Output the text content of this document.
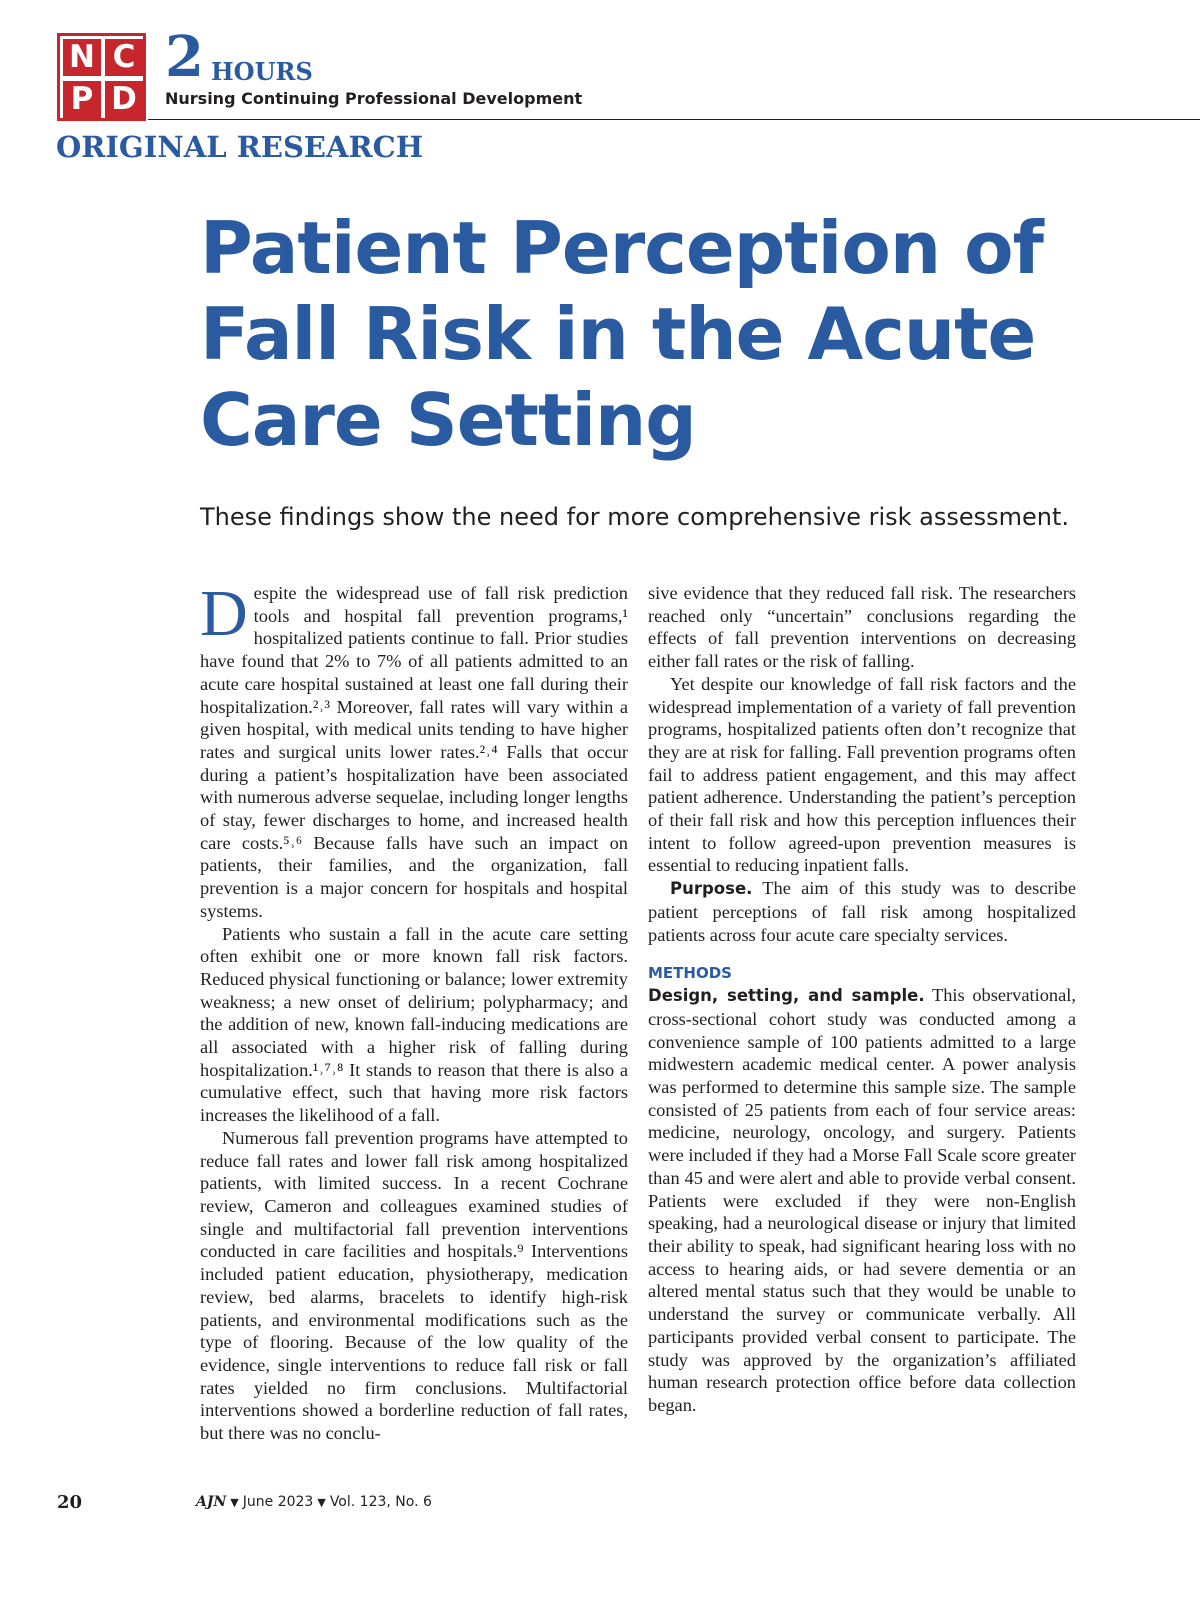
N C
P D
2 HOURS
Nursing Continuing Professional Development
ORIGINAL RESEARCH
Patient Perception of Fall Risk in the Acute Care Setting

These findings show the need for more comprehensive risk assessment.

Despite the widespread use of fall risk prediction tools and hospital fall prevention programs,¹ hospitalized patients continue to fall. Prior studies have found that 2% to 7% of all patients admitted to an acute care hospital sustained at least one fall during their hospitalization.²˒³ Moreover, fall rates will vary within a given hospital, with medical units tending to have higher rates and surgical units lower rates.²˒⁴ Falls that occur during a patient’s hospitalization have been associated with numerous adverse sequelae, including longer lengths of stay, fewer discharges to home, and increased health care costs.⁵˒⁶ Because falls have such an impact on patients, their families, and the organization, fall prevention is a major concern for hospitals and hospital systems.

Patients who sustain a fall in the acute care setting often exhibit one or more known fall risk factors. Reduced physical functioning or balance; lower extremity weakness; a new onset of delirium; polypharmacy; and the addition of new, known fall-inducing medications are all associated with a higher risk of falling during hospitalization.¹˒⁷˒⁸ It stands to reason that there is also a cumulative effect, such that having more risk factors increases the likelihood of a fall.

Numerous fall prevention programs have attempted to reduce fall rates and lower fall risk among hospitalized patients, with limited success. In a recent Cochrane review, Cameron and colleagues examined studies of single and multifactorial fall prevention interventions conducted in care facilities and hospitals.⁹ Interventions included patient education, physiotherapy, medication review, bed alarms, bracelets to identify high-risk patients, and environmental modifications such as the type of flooring. Because of the low quality of the evidence, single interventions to reduce fall risk or fall rates yielded no firm conclusions. Multifactorial interventions showed a borderline reduction of fall rates, but there was no conclu-

sive evidence that they reduced fall risk. The researchers reached only “uncertain” conclusions regarding the effects of fall prevention interventions on decreasing either fall rates or the risk of falling.

Yet despite our knowledge of fall risk factors and the widespread implementation of a variety of fall prevention programs, hospitalized patients often don’t recognize that they are at risk for falling. Fall prevention programs often fail to address patient engagement, and this may affect patient adherence. Understanding the patient’s perception of their fall risk and how this perception influences their intent to follow agreed-upon prevention measures is essential to reducing inpatient falls.

Purpose. The aim of this study was to describe patient perceptions of fall risk among hospitalized patients across four acute care specialty services.

METHODS

Design, setting, and sample. This observational, cross-sectional cohort study was conducted among a convenience sample of 100 patients admitted to a large midwestern academic medical center. A power analysis was performed to determine this sample size. The sample consisted of 25 patients from each of four service areas: medicine, neurology, oncology, and surgery. Patients were included if they had a Morse Fall Scale score greater than 45 and were alert and able to provide verbal consent. Patients were excluded if they were non-English speaking, had a neurological disease or injury that limited their ability to speak, had significant hearing loss with no access to hearing aids, or had severe dementia or an altered mental status such that they would be unable to understand the survey or communicate verbally. All participants provided verbal consent to participate. The study was approved by the organization’s affiliated human research protection office before data collection began.

20	AJN ▼ June 2023 ▼ Vol. 123, No. 6
